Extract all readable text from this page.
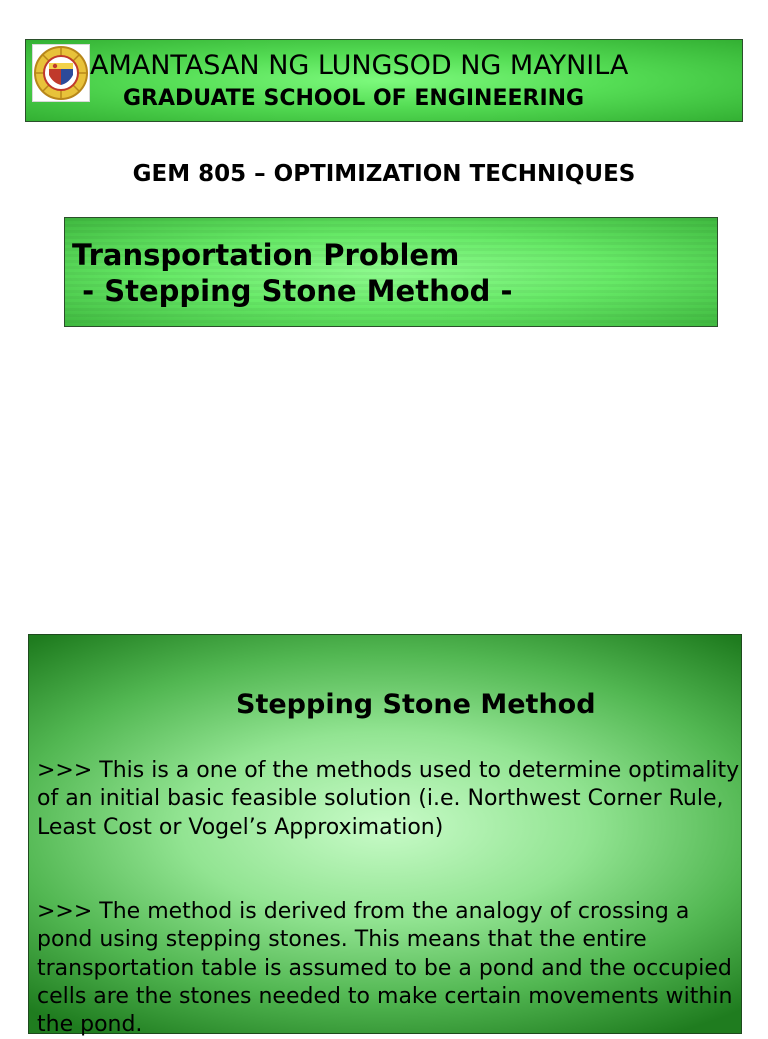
AMANTASAN NG LUNGSOD NG MAYNILA
GRADUATE SCHOOL OF ENGINEERING
GEM 805 – OPTIMIZATION TECHNIQUES
Transportation Problem
- Stepping Stone Method -
Stepping Stone Method

>>> This is a one of the methods used to determine optimality of an initial basic feasible solution (i.e. Northwest Corner Rule, Least Cost or Vogel’s Approximation)

>>> The method is derived from the analogy of crossing a pond using stepping stones. This means that the entire transportation table is assumed to be a pond and the occupied cells are the stones needed to make certain movements within the pond.
